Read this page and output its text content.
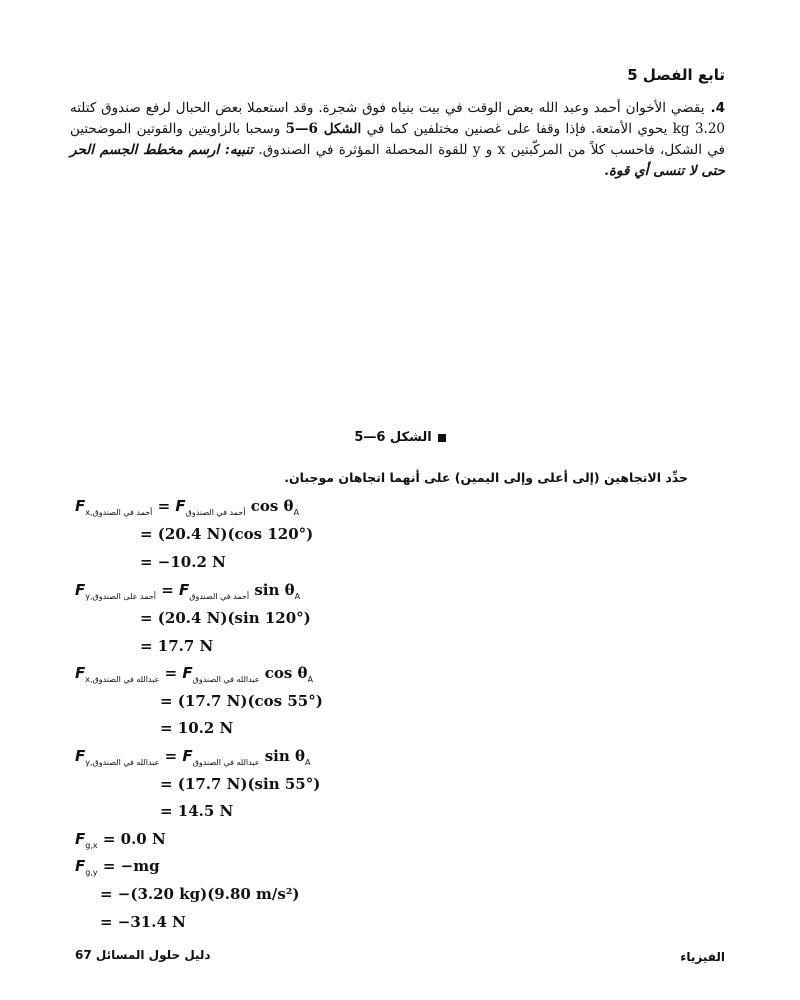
تابع الفصل 5
4.يقضي الأخوان أحمد وعبد الله بعض الوقت في بيت بنياه فوق شجرة. وقد استعملا بعض الحبال لرفع صندوق كتلته 3.20 kg يحوي الأمتعة. فإذا وقفا على غصنين مختلفين كما في الشكل 6—5 وسحبا بالزاويتين والقوتين الموضحتين في الشكل، فاحسب كلاً من المركّبتين x و y للقوة المحصلة المؤثرة في الصندوق. تنبيه: ارسم مخطط الجسم الحر حتى لا تنسى أي قوة.
الشكل 6—5
حدِّد الاتجاهين (إلى أعلى وإلى اليمين) على أنهما اتجاهان موجبان.
$F_{x,أحمد في الصندوق} = F_{أحمد في الصندوق}$ $\cos \theta_A$
= (20.4 N)(cos 120°)
= −10.2 N
$F_{y,أحمد على الصندوق} = F_{أحمد في الصندوق}$ $\sin \theta_A$
= (20.4 N)(sin 120°)
= 17.7 N
$F_{x,عبدالله في الصندوق} = F_{عبدالله في الصندوق}$ $\cos \theta_A$
= (17.7 N)(cos 55°)
= 10.2 N
$F_{y,عبدالله في الصندوق} = F_{عبدالله في الصندوق}$ $\sin \theta_A$
= (17.7 N)(sin 55°)
= 14.5 N
$F_{g,x} = 0.0$ N
$F_{g,y} = -mg$
= −(3.20 kg)(9.80 m/s²)
= −31.4 N
الفيزياء
دليل حلول المسائل 67
